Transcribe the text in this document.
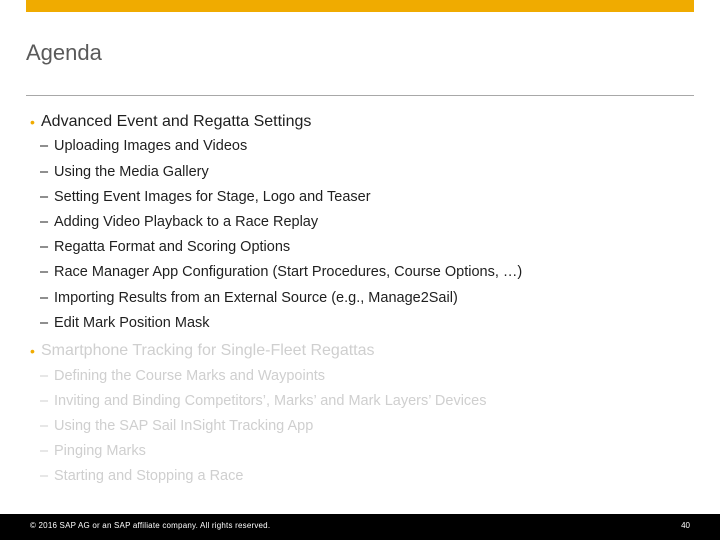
Agenda
• Advanced Event and Regatta Settings
– Uploading Images and Videos
– Using the Media Gallery
– Setting Event Images for Stage, Logo and Teaser
– Adding Video Playback to a Race Replay
– Regatta Format and Scoring Options
– Race Manager App Configuration (Start Procedures, Course Options, …)
– Importing Results from an External Source (e.g., Manage2Sail)
– Edit Mark Position Mask
• Smartphone Tracking for Single-Fleet Regattas
– Defining the Course Marks and Waypoints
– Inviting and Binding Competitors’, Marks’ and Mark Layers’ Devices
– Using the SAP Sail InSight Tracking App
– Pinging Marks
– Starting and Stopping a Race
© 2016 SAP AG or an SAP affiliate company. All rights reserved.	40
